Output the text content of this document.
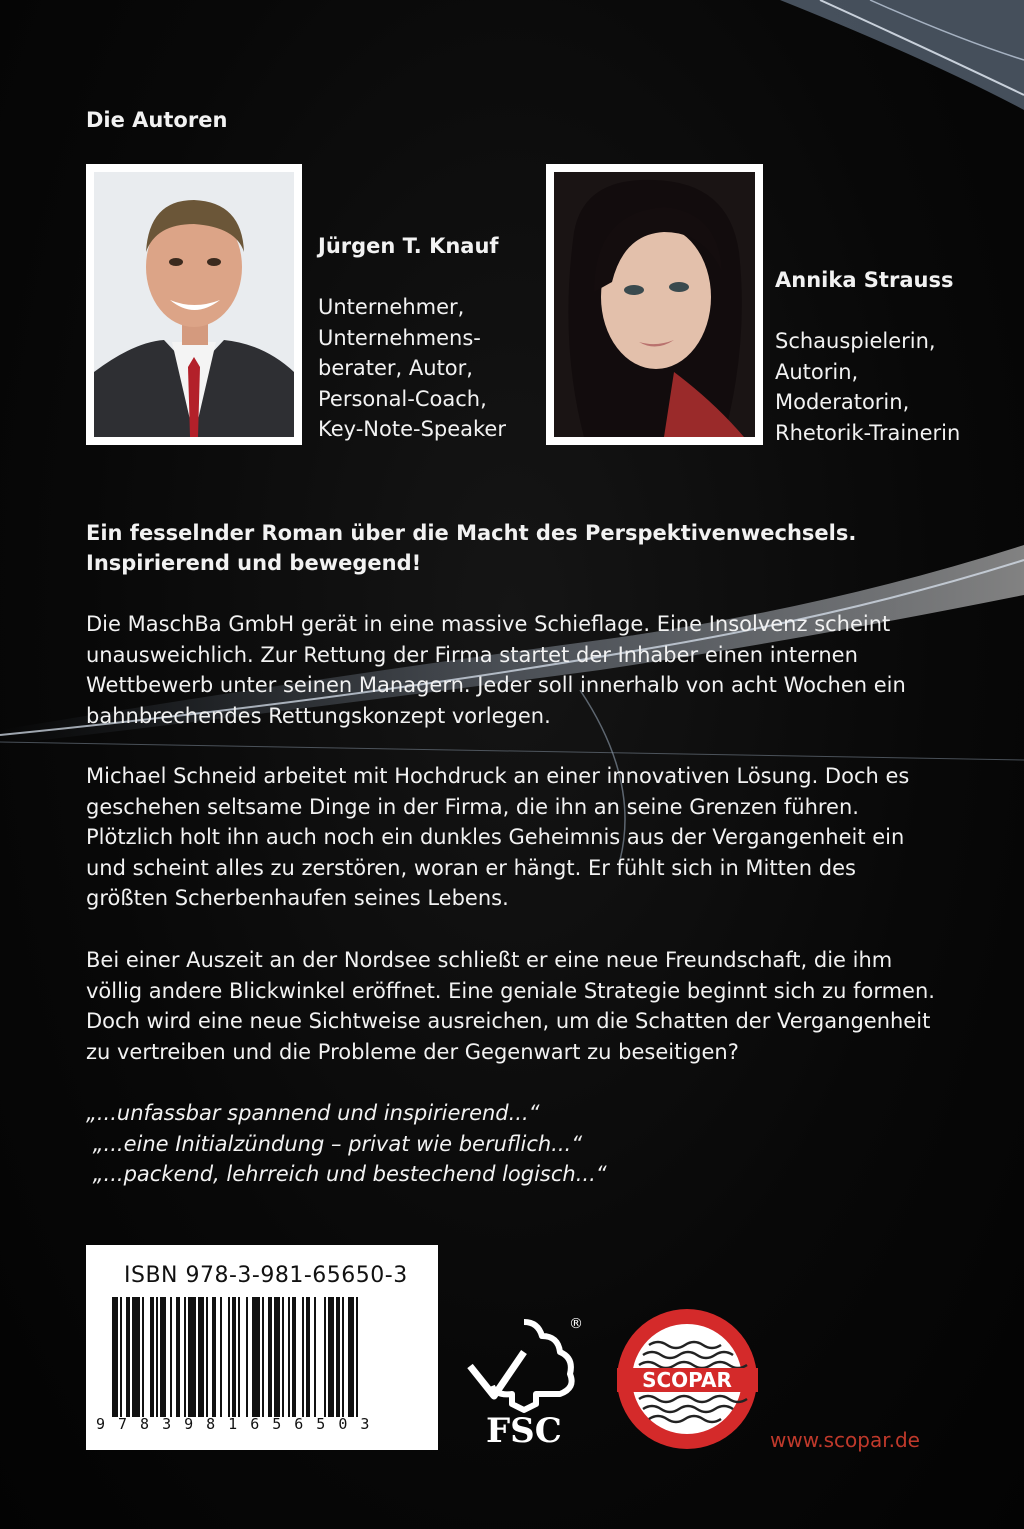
Die Autoren
Jürgen T. Knauf
Unternehmer,
Unternehmens-
berater, Autor,
Personal-Coach,
Key-Note-Speaker
Annika Strauss
Schauspielerin,
Autorin,
Moderatorin,
Rhetorik-Trainerin
Ein fesselnder Roman über die Macht des Perspektivenwechsels.
Inspirierend und bewegend!
Die MaschBa GmbH gerät in eine massive Schieflage. Eine Insolvenz scheint
unausweichlich. Zur Rettung der Firma startet der Inhaber einen internen
Wettbewerb unter seinen Managern. Jeder soll innerhalb von acht Wochen ein
bahnbrechendes Rettungskonzept vorlegen.
Michael Schneid arbeitet mit Hochdruck an einer innovativen Lösung. Doch es
geschehen seltsame Dinge in der Firma, die ihn an seine Grenzen führen.
Plötzlich holt ihn auch noch ein dunkles Geheimnis aus der Vergangenheit ein
und scheint alles zu zerstören, woran er hängt. Er fühlt sich in Mitten des
größten Scherbenhaufen seines Lebens.
Bei einer Auszeit an der Nordsee schließt er eine neue Freundschaft, die ihm
völlig andere Blickwinkel eröffnet. Eine geniale Strategie beginnt sich zu formen.
Doch wird eine neue Sichtweise ausreichen, um die Schatten der Vergangenheit
zu vertreiben und die Probleme der Gegenwart zu beseitigen?
„...unfassbar spannend und inspirierend...“
„...eine Initialzündung – privat wie beruflich...“
„...packend, lehrreich und bestechend logisch...“
ISBN 978-3-981-65650-3
9783981656503
®
FSC
SCOPAR
www.scopar.de
